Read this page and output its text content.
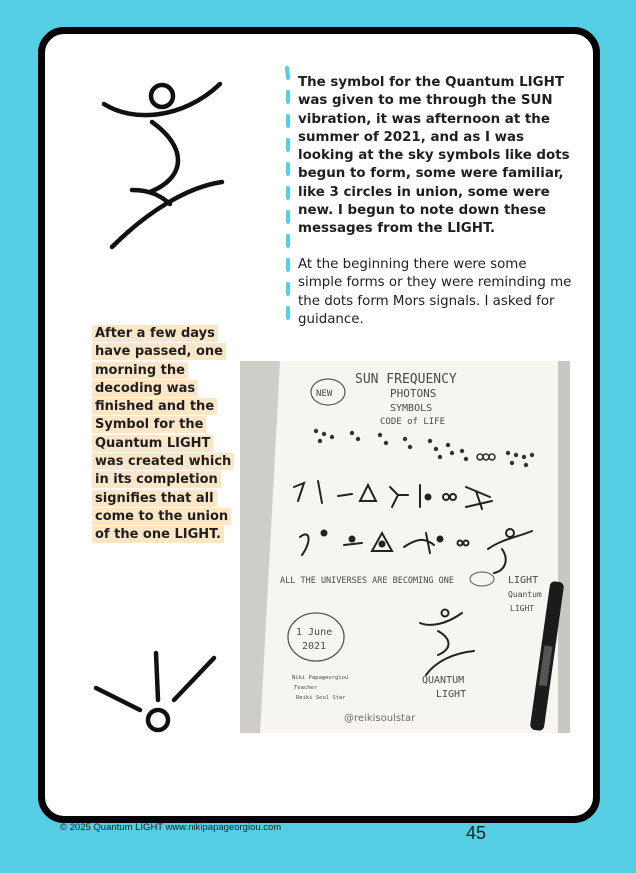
The symbol for the Quantum LIGHT was given to me through the SUN vibration, it was afternoon at the summer of 2021, and as I was looking at the sky symbols like dots begun to form, some were familiar, like 3 circles in union, some were new. I begun to note down these messages from the LIGHT.

At the beginning there were some simple forms or they were reminding me the dots form Mors signals. I asked for guidance.

After a few days have passed, one morning the decoding was finished and the Symbol for the Quantum LIGHT was created which in its completion signifies that all come to the union of the one LIGHT.

NEW
SUN FREQUENCY
PHOTONS
SYMBOLS
CODE of LIFE
ALL THE UNIVERSES ARE BECOMING ONE	LIGHT
Quantum
LIGHT
1 June
2021
Niki Papageorgiou
Teacher
Reiki Soul Star
QUANTUM
LIGHT
@reikisoulstar
© 2025 Quantum LIGHT www.nikipapageorgiou.com	45
